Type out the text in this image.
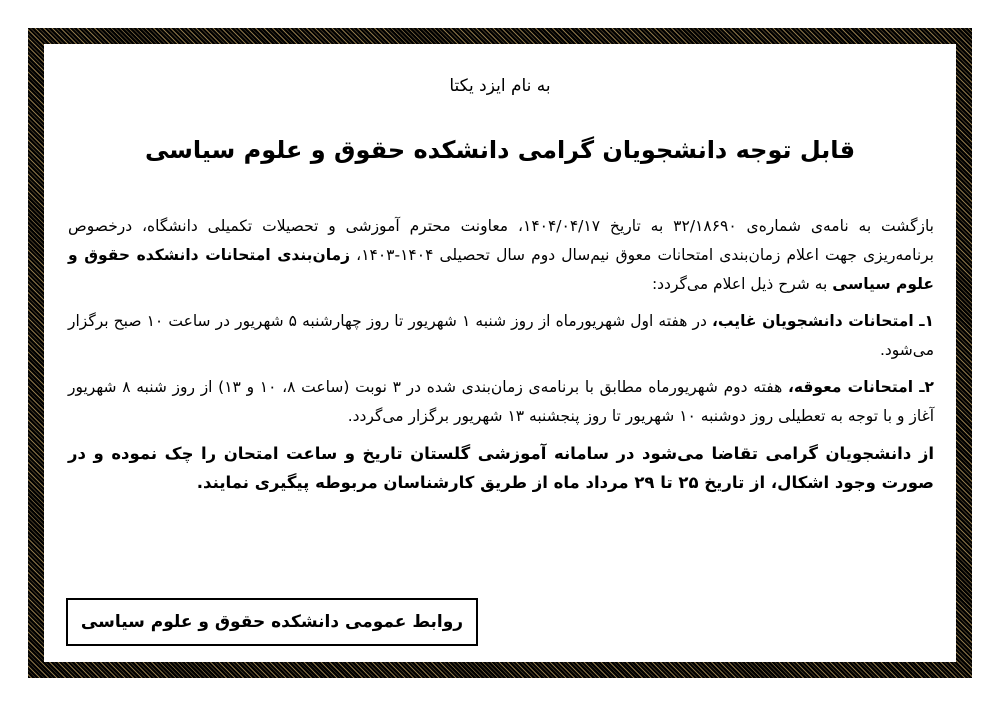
به نام ایزد یکتا
قابل توجه دانشجویان گرامی دانشکده حقوق و علوم سیاسی

بازگشت به نامه‌ی شماره‌ی ۳۲/۱۸۶۹۰ به تاریخ ۱۴۰۴/۰۴/۱۷، معاونت محترم آموزشی و تحصیلات تکمیلی دانشگاه، درخصوص برنامه‌ریزی جهت اعلام زمان‌بندی امتحانات معوق نیم‌سال دوم سال تحصیلی ۱۴۰۴-۱۴۰۳، زمان‌بندی امتحانات دانشکده حقوق و علوم سیاسی به شرح ذیل اعلام می‌گردد:

۱ـ امتحانات دانشجویان غایب، در هفته اول شهریورماه از روز شنبه ۱ شهریور تا روز چهارشنبه ۵ شهریور در ساعت ۱۰ صبح برگزار می‌شود.

۲ـ امتحانات معوقه، هفته دوم شهریورماه مطابق با برنامه‌ی زمان‌بندی شده در ۳ نوبت (ساعت ۸، ۱۰ و ۱۳) از روز شنبه ۸ شهریور آغاز و با توجه به تعطیلی روز دوشنبه ۱۰ شهریور تا روز پنجشنبه ۱۳ شهریور برگزار می‌گردد.

از دانشجویان گرامی تقاضا می‌شود در سامانه آموزشی گلستان تاریخ و ساعت امتحان را چک نموده و در صورت وجود اشکال، از تاریخ ۲۵ تا ۲۹ مرداد ماه از طریق کارشناسان مربوطه پیگیری نمایند.

روابط عمومی دانشکده حقوق و علوم سیاسی
